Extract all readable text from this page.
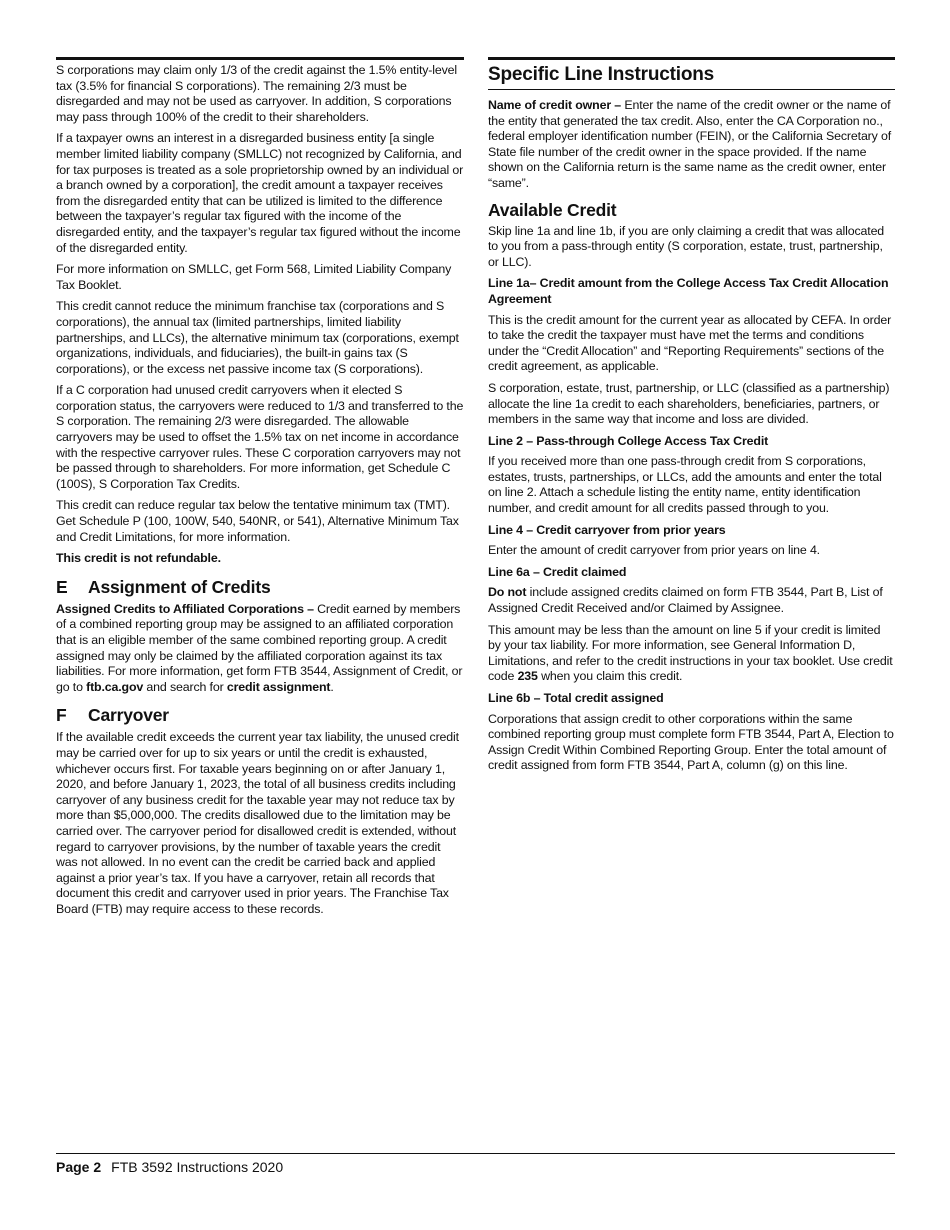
S corporations may claim only 1/3 of the credit against the 1.5% entity-level tax (3.5% for financial S corporations). The remaining 2/3 must be disregarded and may not be used as carryover. In addition, S corporations may pass through 100% of the credit to their shareholders.

If a taxpayer owns an interest in a disregarded business entity [a single member limited liability company (SMLLC) not recognized by California, and for tax purposes is treated as a sole proprietorship owned by an individual or a branch owned by a corporation], the credit amount a taxpayer receives from the disregarded entity that can be utilized is limited to the difference between the taxpayer’s regular tax figured with the income of the disregarded entity, and the taxpayer’s regular tax figured without the income of the disregarded entity.

For more information on SMLLC, get Form 568, Limited Liability Company Tax Booklet.

This credit cannot reduce the minimum franchise tax (corporations and S corporations), the annual tax (limited partnerships, limited liability partnerships, and LLCs), the alternative minimum tax (corporations, exempt organizations, individuals, and fiduciaries), the built-in gains tax (S corporations), or the excess net passive income tax (S corporations).

If a C corporation had unused credit carryovers when it elected S corporation status, the carryovers were reduced to 1/3 and transferred to the S corporation. The remaining 2/3 were disregarded. The allowable carryovers may be used to offset the 1.5% tax on net income in accordance with the respective carryover rules. These C corporation carryovers may not be passed through to shareholders. For more information, get Schedule C (100S), S Corporation Tax Credits.

This credit can reduce regular tax below the tentative minimum tax (TMT). Get Schedule P (100, 100W, 540, 540NR, or 541), Alternative Minimum Tax and Credit Limitations, for more information.

This credit is not refundable.

E Assignment of Credits

Assigned Credits to Affiliated Corporations – Credit earned by members of a combined reporting group may be assigned to an affiliated corporation that is an eligible member of the same combined reporting group. A credit assigned may only be claimed by the affiliated corporation against its tax liabilities. For more information, get form FTB 3544, Assignment of Credit, or go to ftb.ca.gov and search for credit assignment.

F Carryover

If the available credit exceeds the current year tax liability, the unused credit may be carried over for up to six years or until the credit is exhausted, whichever occurs first. For taxable years beginning on or after January 1, 2020, and before January 1, 2023, the total of all business credits including carryover of any business credit for the taxable year may not reduce tax by more than $5,000,000. The credits disallowed due to the limitation may be carried over. The carryover period for disallowed credit is extended, without regard to carryover provisions, by the number of taxable years the credit was not allowed. In no event can the credit be carried back and applied against a prior year’s tax. If you have a carryover, retain all records that document this credit and carryover used in prior years. The Franchise Tax Board (FTB) may require access to these records.

Specific Line Instructions

Name of credit owner – Enter the name of the credit owner or the name of the entity that generated the tax credit. Also, enter the CA Corporation no., federal employer identification number (FEIN), or the California Secretary of State file number of the credit owner in the space provided. If the name shown on the California return is the same name as the credit owner, enter “same”.

Available Credit

Skip line 1a and line 1b, if you are only claiming a credit that was allocated to you from a pass-through entity (S corporation, estate, trust, partnership, or LLC).

Line 1a– Credit amount from the College Access Tax Credit Allocation Agreement

This is the credit amount for the current year as allocated by CEFA. In order to take the credit the taxpayer must have met the terms and conditions under the “Credit Allocation” and “Reporting Requirements” sections of the credit agreement, as applicable.

S corporation, estate, trust, partnership, or LLC (classified as a partnership) allocate the line 1a credit to each shareholders, beneficiaries, partners, or members in the same way that income and loss are divided.

Line 2 – Pass-through College Access Tax Credit

If you received more than one pass-through credit from S corporations, estates, trusts, partnerships, or LLCs, add the amounts and enter the total on line 2. Attach a schedule listing the entity name, entity identification number, and credit amount for all credits passed through to you.

Line 4 – Credit carryover from prior years

Enter the amount of credit carryover from prior years on line 4.

Line 6a – Credit claimed

Do not include assigned credits claimed on form FTB 3544, Part B, List of Assigned Credit Received and/or Claimed by Assignee.

This amount may be less than the amount on line 5 if your credit is limited by your tax liability. For more information, see General Information D, Limitations, and refer to the credit instructions in your tax booklet. Use credit code 235 when you claim this credit.

Line 6b – Total credit assigned

Corporations that assign credit to other corporations within the same combined reporting group must complete form FTB 3544, Part A, Election to Assign Credit Within Combined Reporting Group. Enter the total amount of credit assigned from form FTB 3544, Part A, column (g) on this line.

Page 2 FTB 3592 Instructions 2020
